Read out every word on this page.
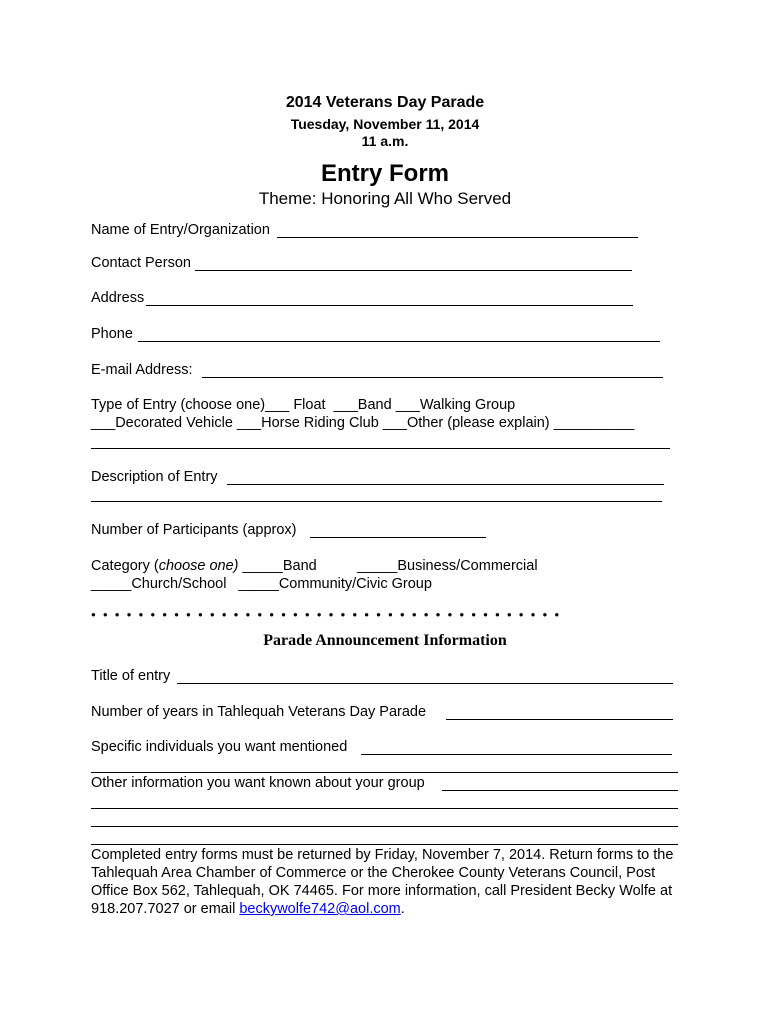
2014 Veterans Day Parade
Tuesday, November 11, 2014
11 a.m.
Entry Form
Theme: Honoring All Who Served
Name of Entry/Organization
Contact Person
Address
Phone
E-mail Address:
Type of Entry (choose one)___ Float  ___Band ___Walking Group
___Decorated Vehicle ___Horse Riding Club ___Other (please explain) __________
Description of Entry
Number of Participants (approx)
Category (choose one) _____Band          _____Business/Commercial
_____Church/School   _____Community/Civic Group
●●●●●●●●●●●●●●●●●●●●●●●●●●●●●●●●●●●●●●●●
Parade Announcement Information
Title of entry
Number of years in Tahlequah Veterans Day Parade
Specific individuals you want mentioned
Other information you want known about your group
Completed entry forms must be returned by Friday, November 7, 2014. Return forms to the Tahlequah Area Chamber of Commerce or the Cherokee County Veterans Council, Post Office Box 562, Tahlequah, OK 74465. For more information, call President Becky Wolfe at 918.207.7027 or email beckywolfe742@aol.com.
